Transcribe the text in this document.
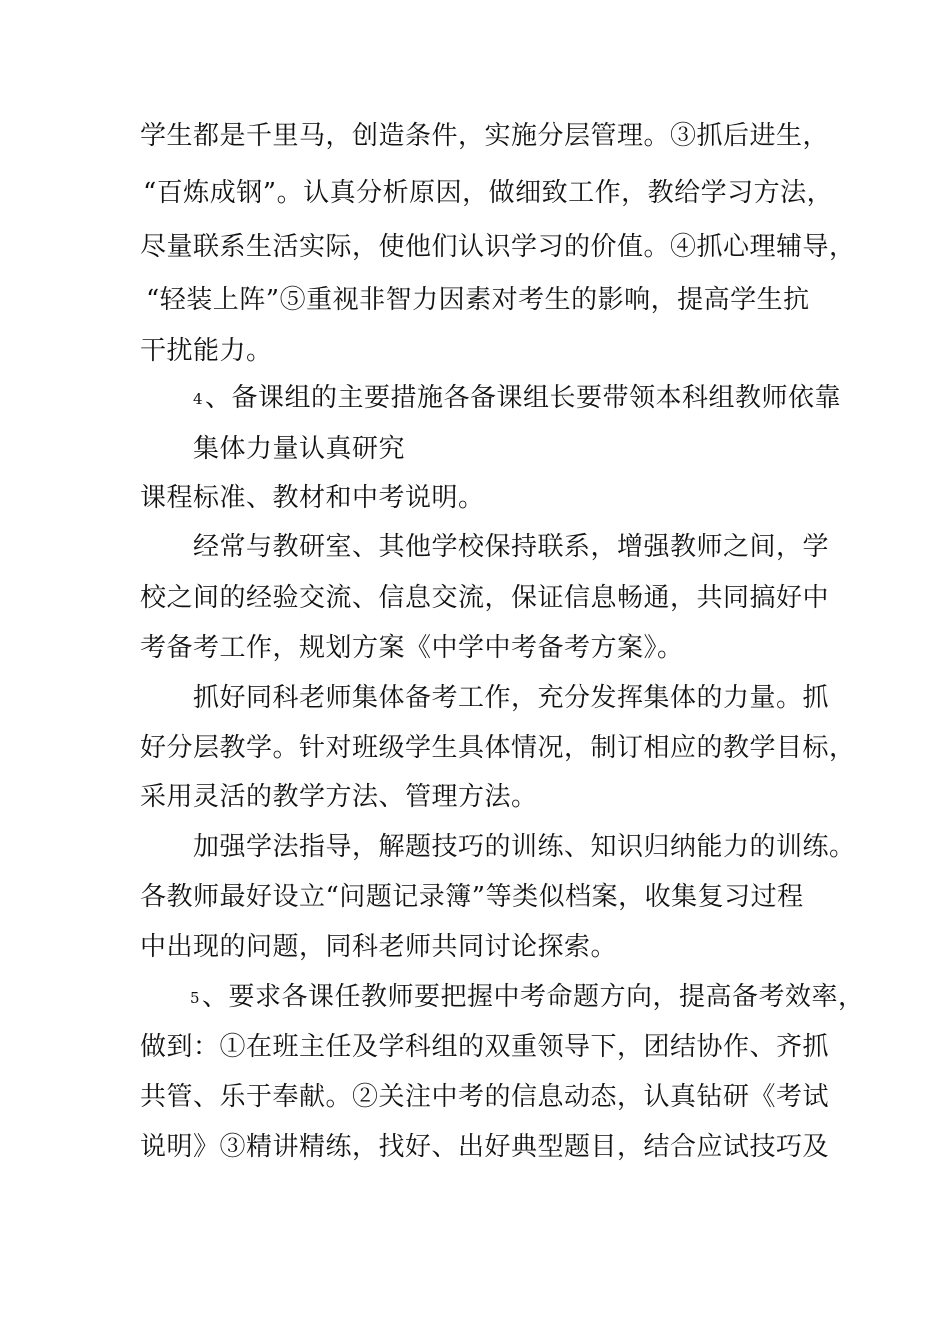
学生都是千里马，创造条件，实施分层管理。③抓后进生，
“百炼成钢”。认真分析原因，做细致工作，教给学习方法，
尽量联系生活实际，使他们认识学习的价值。④抓心理辅导，
“轻装上阵”⑤重视非智力因素对考生的影响，提高学生抗
干扰能力。
4、备课组的主要措施各备课组长要带领本科组教师依靠
集体力量认真研究
课程标准、教材和中考说明。
经常与教研室、其他学校保持联系，增强教师之间，学
校之间的经验交流、信息交流，保证信息畅通，共同搞好中
考备考工作，规划方案《中学中考备考方案》。
抓好同科老师集体备考工作，充分发挥集体的力量。抓
好分层教学。针对班级学生具体情况，制订相应的教学目标，
采用灵活的教学方法、管理方法。
加强学法指导，解题技巧的训练、知识归纳能力的训练。
各教师最好设立“问题记录簿”等类似档案，收集复习过程
中出现的问题，同科老师共同讨论探索。
5、要求各课任教师要把握中考命题方向，提高备考效率，
做到：①在班主任及学科组的双重领导下，团结协作、齐抓
共管、乐于奉献。②关注中考的信息动态，认真钻研《考试
说明》③精讲精练，找好、出好典型题目，结合应试技巧及
